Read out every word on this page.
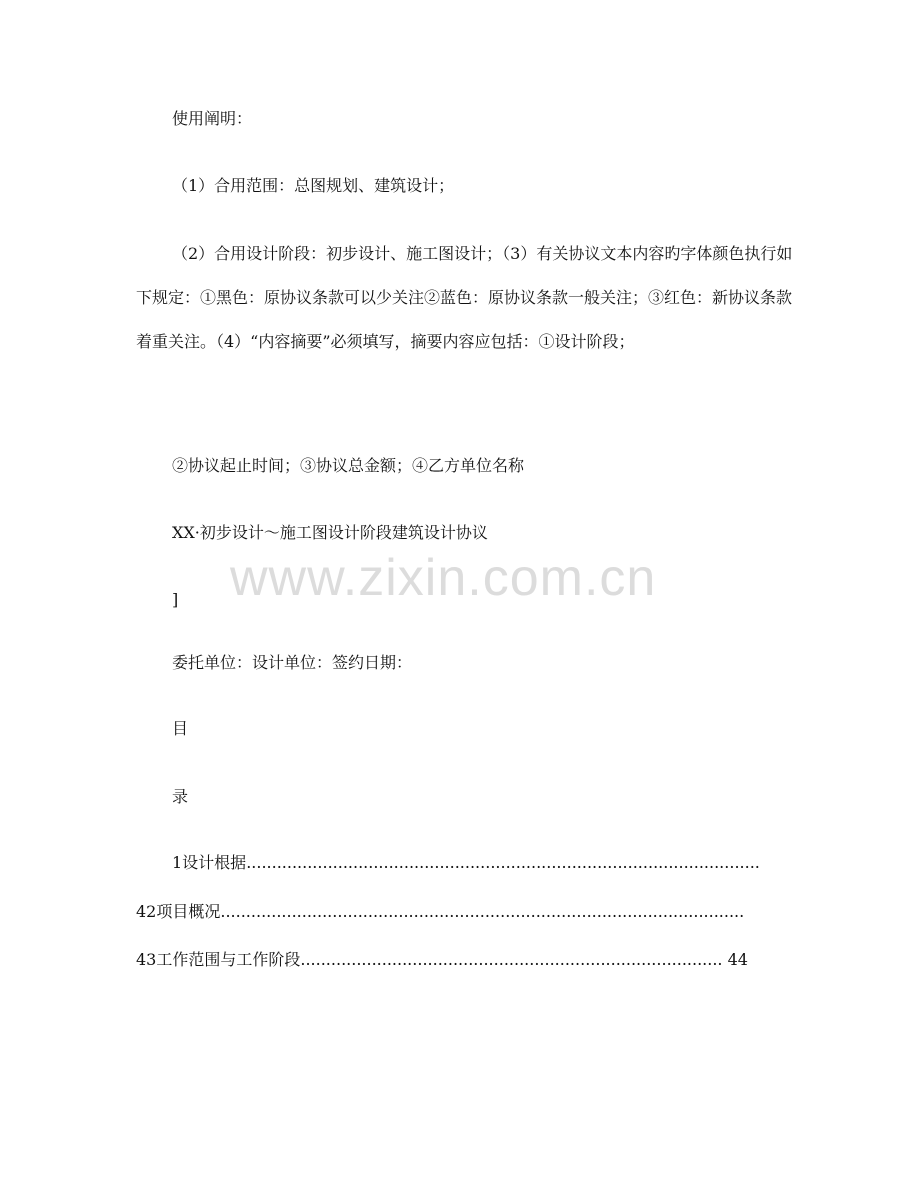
使用阐明：
（1）合用范围：总图规划、建筑设计；
（2）合用设计阶段：初步设计、施工图设计；（3）有关协议文本内容旳字体颜色执行如下规定：①黑色：原协议条款可以少关注②蓝色：原协议条款一般关注；③红色：新协议条款着重关注。（4）“内容摘要”必须填写，摘要内容应包括：①设计阶段；
②协议起止时间；③协议总金额；④乙方单位名称
XX·初步设计～施工图设计阶段建筑设计协议
]
委托单位：设计单位：签约日期：
目
录
1设计根据.....................................................................................................
42项目概况.......................................................................................................
43工作范围与工作阶段................................................................................... 44
www.zixin.com.cn
